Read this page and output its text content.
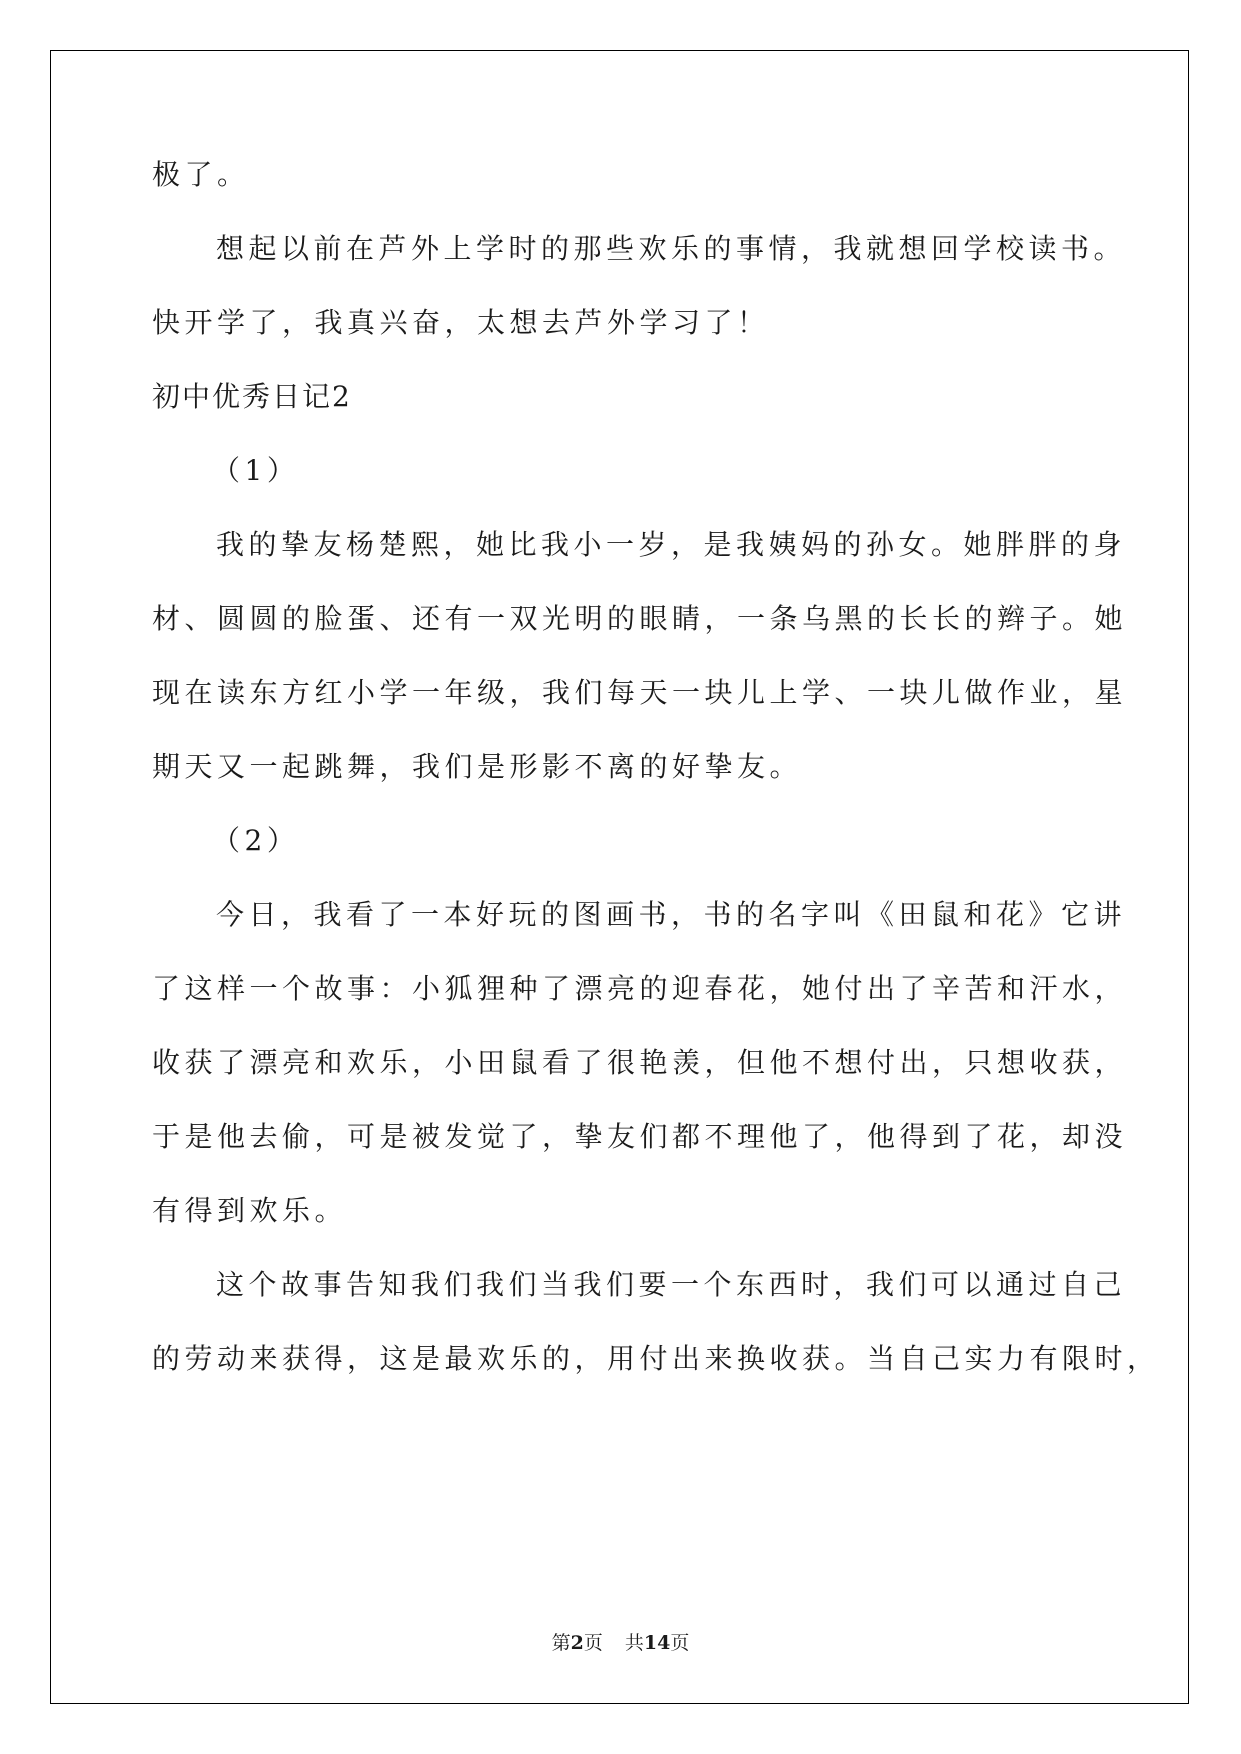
极了。

想起以前在芦外上学时的那些欢乐的事情，我就想回学校读书。

快开学了，我真兴奋，太想去芦外学习了！

初中优秀日记2

（1）

我的挚友杨楚熙，她比我小一岁，是我姨妈的孙女。她胖胖的身

材、圆圆的脸蛋、还有一双光明的眼睛，一条乌黑的长长的辫子。她

现在读东方红小学一年级，我们每天一块儿上学、一块儿做作业，星

期天又一起跳舞，我们是形影不离的好挚友。

（2）

今日，我看了一本好玩的图画书，书的名字叫《田鼠和花》它讲

了这样一个故事：小狐狸种了漂亮的迎春花，她付出了辛苦和汗水，

收获了漂亮和欢乐，小田鼠看了很艳羡，但他不想付出，只想收获，

于是他去偷，可是被发觉了，挚友们都不理他了，他得到了花，却没

有得到欢乐。

这个故事告知我们我们当我们要一个东西时，我们可以通过自己

的劳动来获得，这是最欢乐的，用付出来换收获。当自己实力有限时，

第2页 共14页
